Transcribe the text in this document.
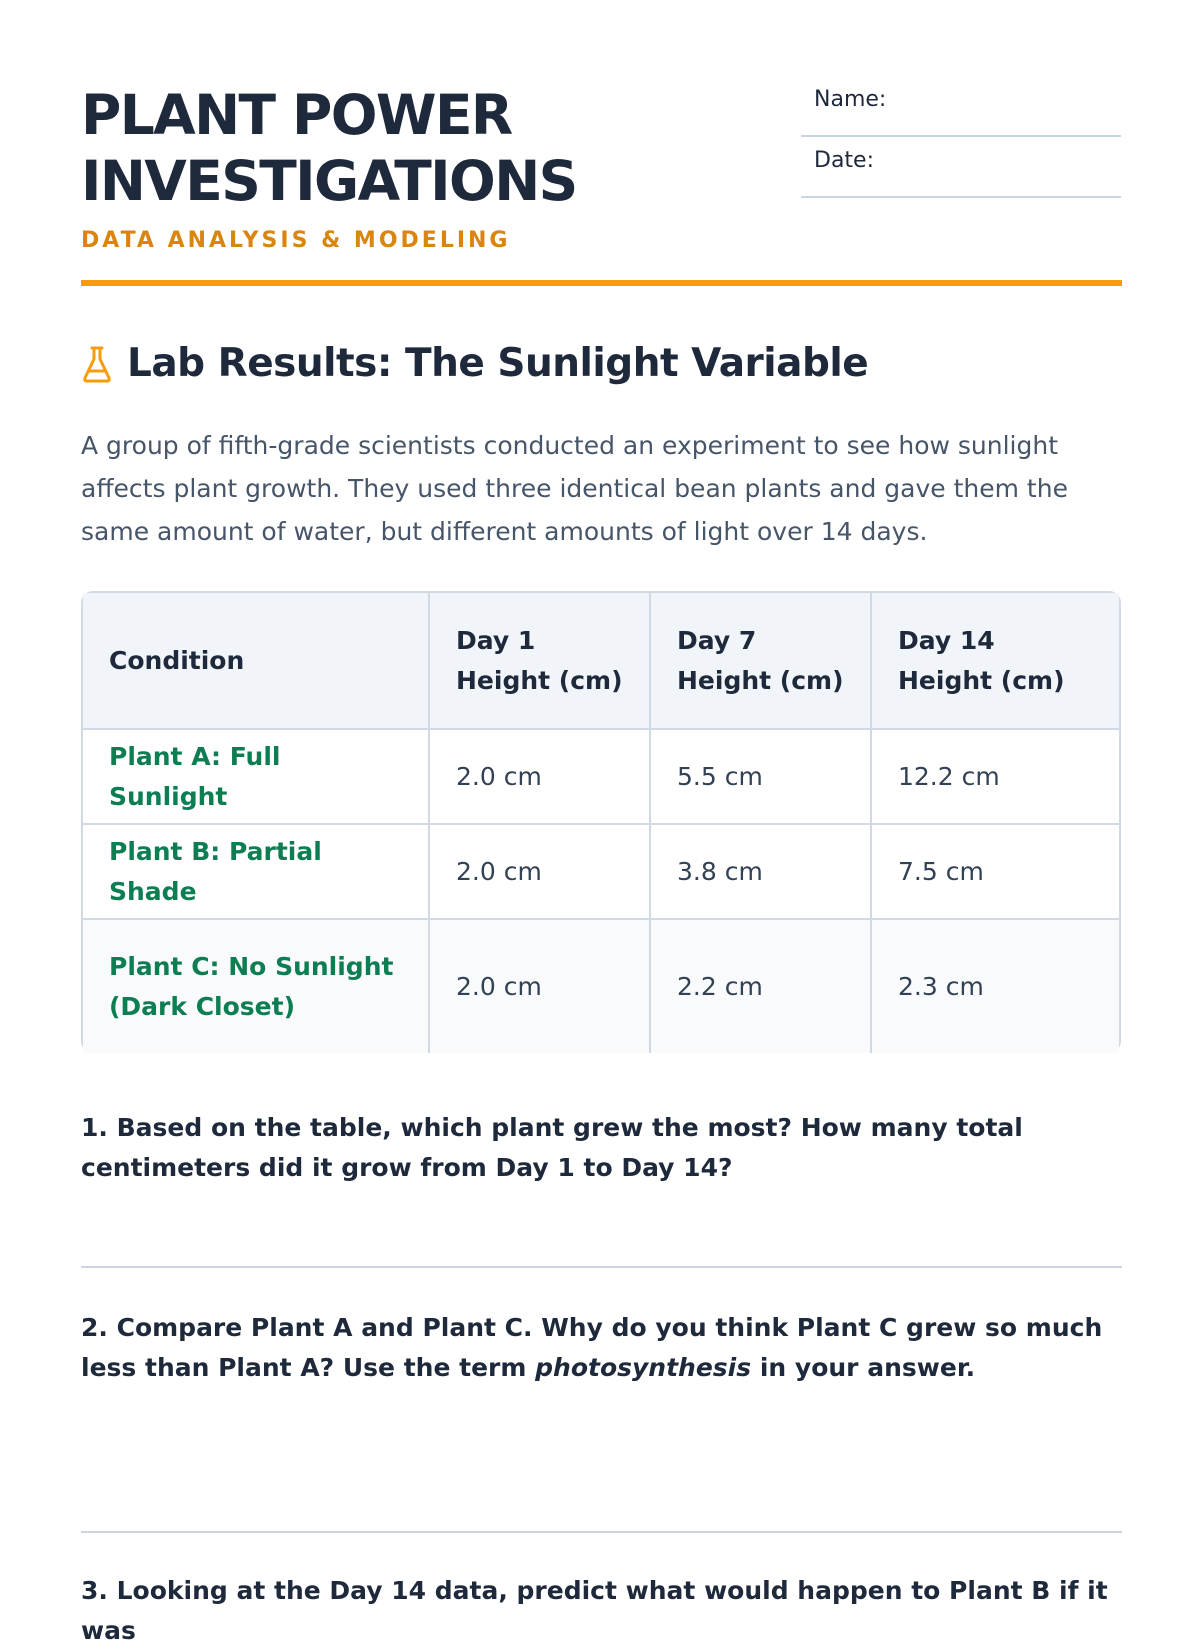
PLANT POWER
INVESTIGATIONS
DATA ANALYSIS & MODELING
Name:
Date:
Lab Results: The Sunlight Variable

A group of fifth-grade scientists conducted an experiment to see how sunlight affects plant growth. They used three identical bean plants and gave them the same amount of water, but different amounts of light over 14 days.

Condition	Day 1 Height (cm)	Day 7 Height (cm)	Day 14 Height (cm)
Plant A: Full Sunlight	2.0 cm	5.5 cm	12.2 cm
Plant B: Partial Shade	2.0 cm	3.8 cm	7.5 cm
Plant C: No Sunlight (Dark Closet)	2.0 cm	2.2 cm	2.3 cm
1. Based on the table, which plant grew the most? How many total centimeters did it grow from Day 1 to Day 14?
2. Compare Plant A and Plant C. Why do you think Plant C grew so much less than Plant A? Use the term photosynthesis in your answer.
3. Looking at the Day 14 data, predict what would happen to Plant B if it was
